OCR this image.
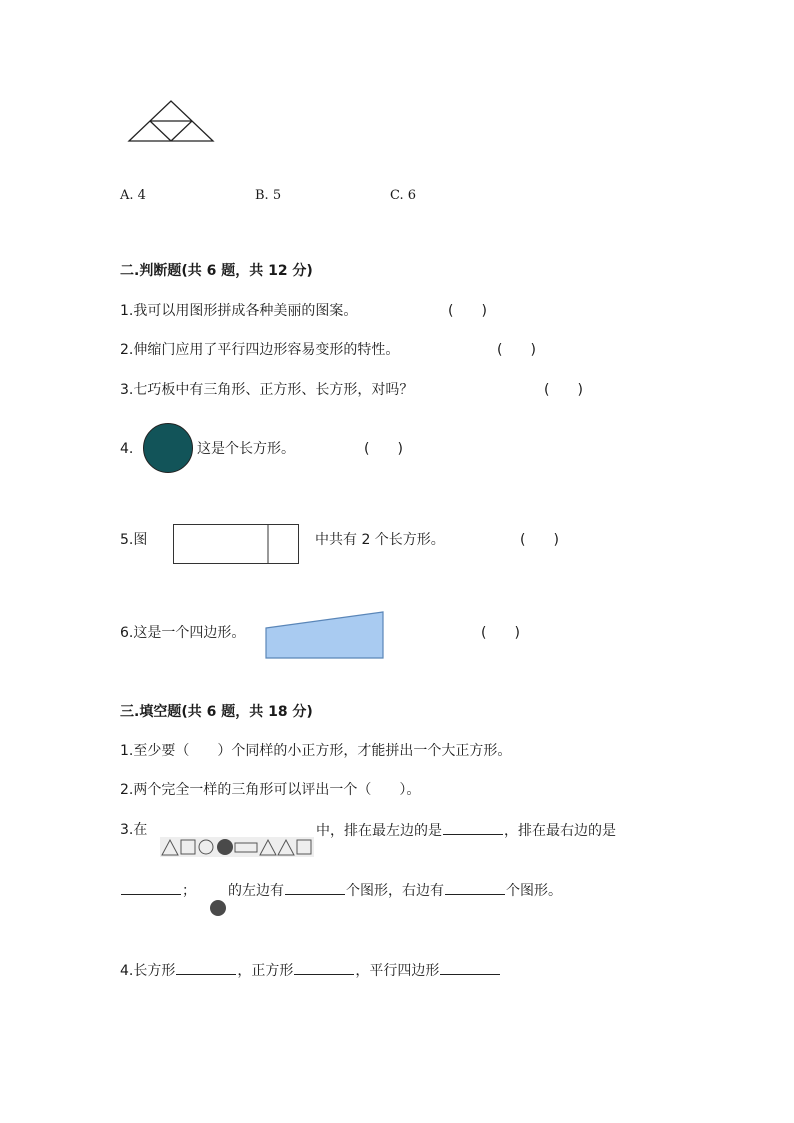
A. 4	B. 5	C. 6
二.判断题(共 6 题，共 12 分)
1.我可以用图形拼成各种美丽的图案。	(　　)
2.伸缩门应用了平行四边形容易变形的特性。	(　　)
3.七巧板中有三角形、正方形、长方形，对吗？	(　　)
4.	这是个长方形。	(　　)
5.图	中共有 2 个长方形。	(　　)
6.这是一个四边形。	(　　)
三.填空题(共 6 题，共 18 分)
1.至少要（　　）个同样的小正方形，才能拼出一个大正方形。
2.两个完全一样的三角形可以评出一个（　　）。
3.在	中，排在最左边的是	，排在最右边的是
； 的左边有	个图形，右边有	个图形。
4.长方形	，正方形	，平行四边形
